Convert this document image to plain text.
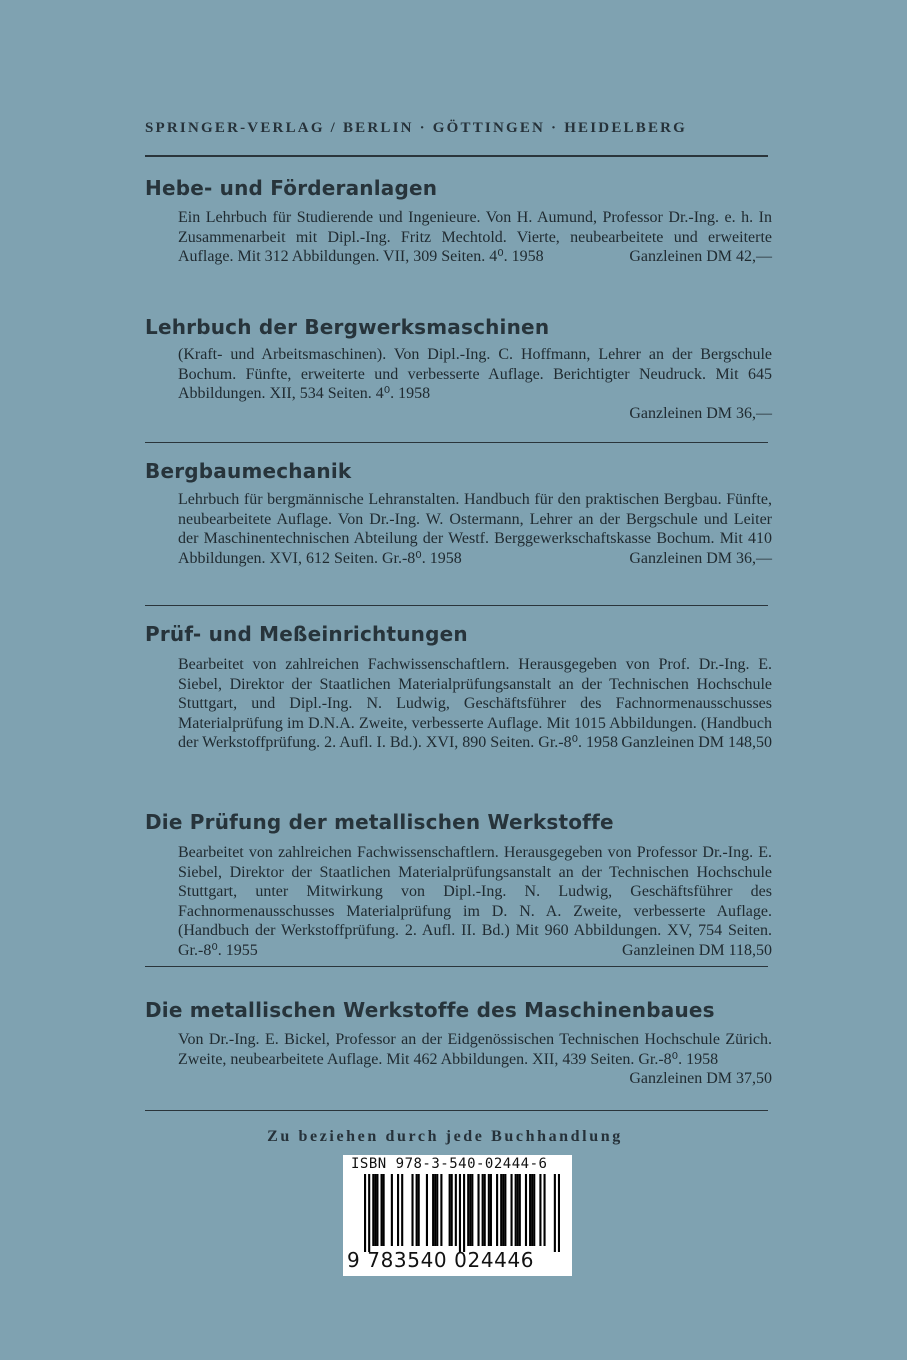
SPRINGER-VERLAG / BERLIN · GÖTTINGEN · HEIDELBERG
Hebe- und Förderanlagen

Ein Lehrbuch für Studierende und Ingenieure. Von H. Aumund, Professor Dr.-Ing. e. h. In Zusammenarbeit mit Dipl.-Ing. Fritz Mechtold. Vierte, neubearbeitete und erweiterte Auflage. Mit 312 Abbildungen. VII, 309 Seiten. 4⁰. 1958	Ganzleinen DM 42,—

Lehrbuch der Bergwerksmaschinen

(Kraft- und Arbeitsmaschinen). Von Dipl.-Ing. C. Hoffmann, Lehrer an der Bergschule Bochum. Fünfte, erweiterte und verbesserte Auflage. Berichtigter Neudruck. Mit 645 Abbildungen. XII, 534 Seiten. 4⁰. 1958

Ganzleinen DM 36,—

Bergbaumechanik

Lehrbuch für bergmännische Lehranstalten. Handbuch für den praktischen Bergbau. Fünfte, neubearbeitete Auflage. Von Dr.-Ing. W. Ostermann, Lehrer an der Bergschule und Leiter der Maschinentechnischen Abteilung der Westf. Berggewerkschaftskasse Bochum. Mit 410 Abbildungen. XVI, 612 Seiten. Gr.-8⁰. 1958	Ganzleinen DM 36,—

Prüf- und Meßeinrichtungen

Bearbeitet von zahlreichen Fachwissenschaftlern. Herausgegeben von Prof. Dr.-Ing. E. Siebel, Direktor der Staatlichen Materialprüfungsanstalt an der Technischen Hochschule Stuttgart, und Dipl.-Ing. N. Ludwig, Geschäftsführer des Fachnormenausschusses Materialprüfung im D.N.A. Zweite, verbesserte Auflage. Mit 1015 Abbildungen. (Handbuch der Werkstoffprüfung. 2. Aufl. I. Bd.). XVI, 890 Seiten. Gr.-8⁰. 1958 Ganzleinen DM 148,50

Die Prüfung der metallischen Werkstoffe

Bearbeitet von zahlreichen Fachwissenschaftlern. Herausgegeben von Professor Dr.-Ing. E. Siebel, Direktor der Staatlichen Materialprüfungsanstalt an der Technischen Hochschule Stuttgart, unter Mitwirkung von Dipl.-Ing. N. Ludwig, Geschäftsführer des Fachnormenausschusses Materialprüfung im D. N. A. Zweite, verbesserte Auflage. (Handbuch der Werkstoffprüfung. 2. Aufl. II. Bd.) Mit 960 Abbildungen. XV, 754 Seiten. Gr.-8⁰. 1955	Ganzleinen DM 118,50

Die metallischen Werkstoffe des Maschinenbaues

Von Dr.-Ing. E. Bickel, Professor an der Eidgenössischen Technischen Hochschule Zürich. Zweite, neubearbeitete Auflage. Mit 462 Abbildungen. XII, 439 Seiten. Gr.-8⁰. 1958
Ganzleinen DM 37,50

Zu beziehen durch jede Buchhandlung
ISBN 978-3-540-02444-6
9 783540 024446
